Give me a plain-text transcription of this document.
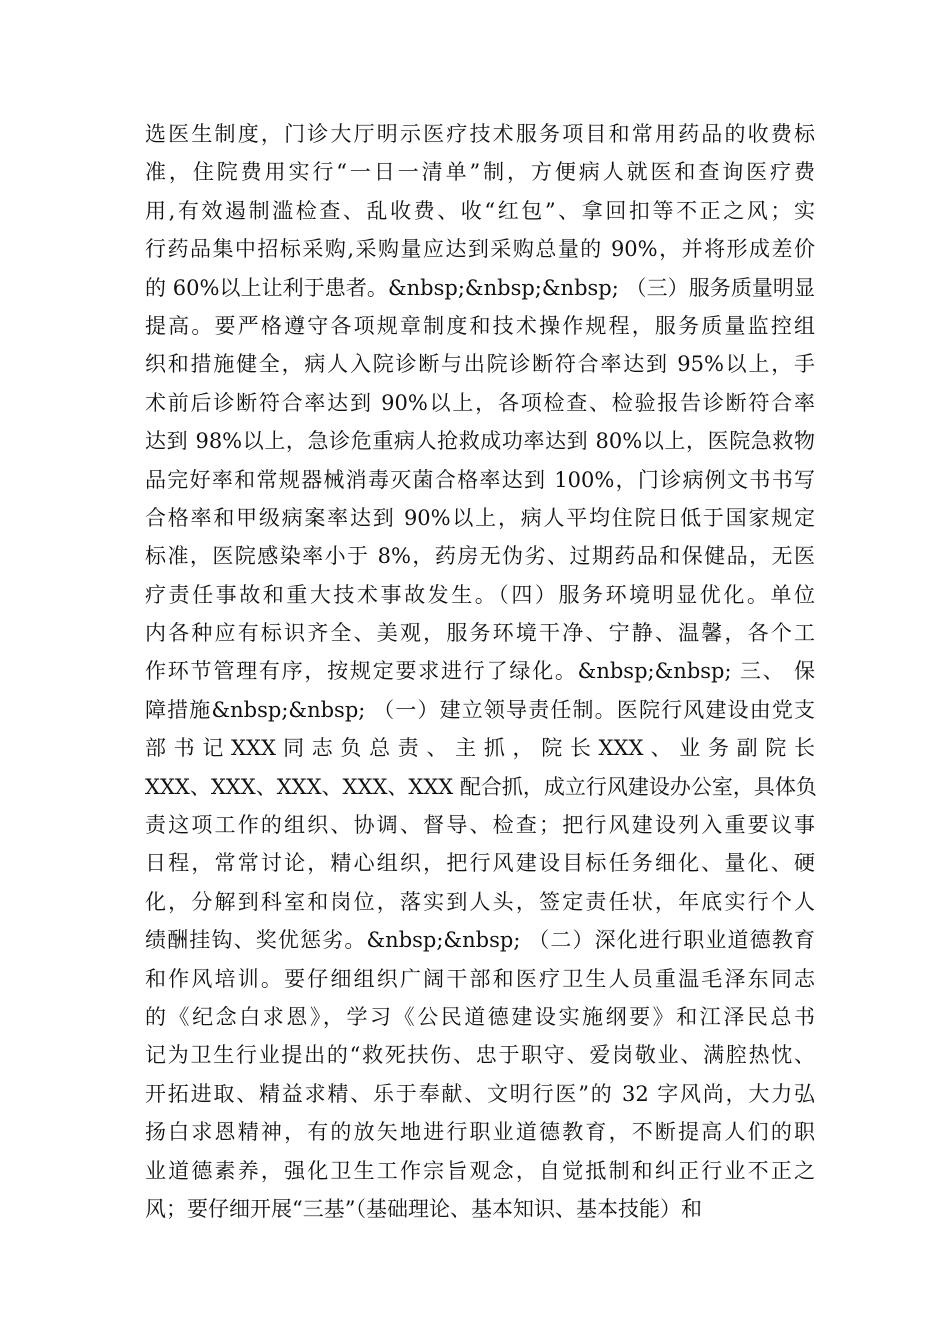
选医生制度，门诊大厅明示医疗技术服务项目和常用药品的收费标
准，住院费用实行“一日一清单”制，方便病人就医和查询医疗费
用,有效遏制滥检查、乱收费、收“红包”、拿回扣等不正之风；实
行药品集中招标采购,采购量应达到采购总量的 90%，并将形成差价
的 60%以上让利于患者。&nbsp;&nbsp;&nbsp; （三）服务质量明显
提高。要严格遵守各项规章制度和技术操作规程，服务质量监控组
织和措施健全，病人入院诊断与出院诊断符合率达到 95%以上，手
术前后诊断符合率达到 90%以上，各项检查、检验报告诊断符合率
达到 98%以上，急诊危重病人抢救成功率达到 80%以上，医院急救物
品完好率和常规器械消毒灭菌合格率达到 100%，门诊病例文书书写
合格率和甲级病案率达到 90%以上，病人平均住院日低于国家规定
标准，医院感染率小于 8%，药房无伪劣、过期药品和保健品，无医
疗责任事故和重大技术事故发生。（四）服务环境明显优化。单位
内各种应有标识齐全、美观，服务环境干净、宁静、温馨，各个工
作环节管理有序，按规定要求进行了绿化。&nbsp;&nbsp; 三、 保
障措施&nbsp;&nbsp; （一）建立领导责任制。医院行风建设由党支
部 书 记 XXX 同 志 负 总 责 、 主 抓 ， 院 长 XXX 、 业 务 副 院 长
XXX、XXX、XXX、XXX、XXX 配合抓，成立行风建设办公室，具体负
责这项工作的组织、协调、督导、检查；把行风建设列入重要议事
日程，常常讨论，精心组织，把行风建设目标任务细化、量化、硬
化，分解到科室和岗位，落实到人头，签定责任状，年底实行个人
绩酬挂钩、奖优惩劣。&nbsp;&nbsp; （二）深化进行职业道德教育
和作风培训。要仔细组织广阔干部和医疗卫生人员重温毛泽东同志
的《纪念白求恩》，学习《公民道德建设实施纲要》和江泽民总书
记为卫生行业提出的“救死扶伤、忠于职守、爱岗敬业、满腔热忱、
开拓进取、精益求精、乐于奉献、文明行医”的 32 字风尚，大力弘
扬白求恩精神，有的放矢地进行职业道德教育，不断提高人们的职
业道德素养，强化卫生工作宗旨观念，自觉抵制和纠正行业不正之
风；要仔细开展“三基”（基础理论、基本知识、基本技能）和
